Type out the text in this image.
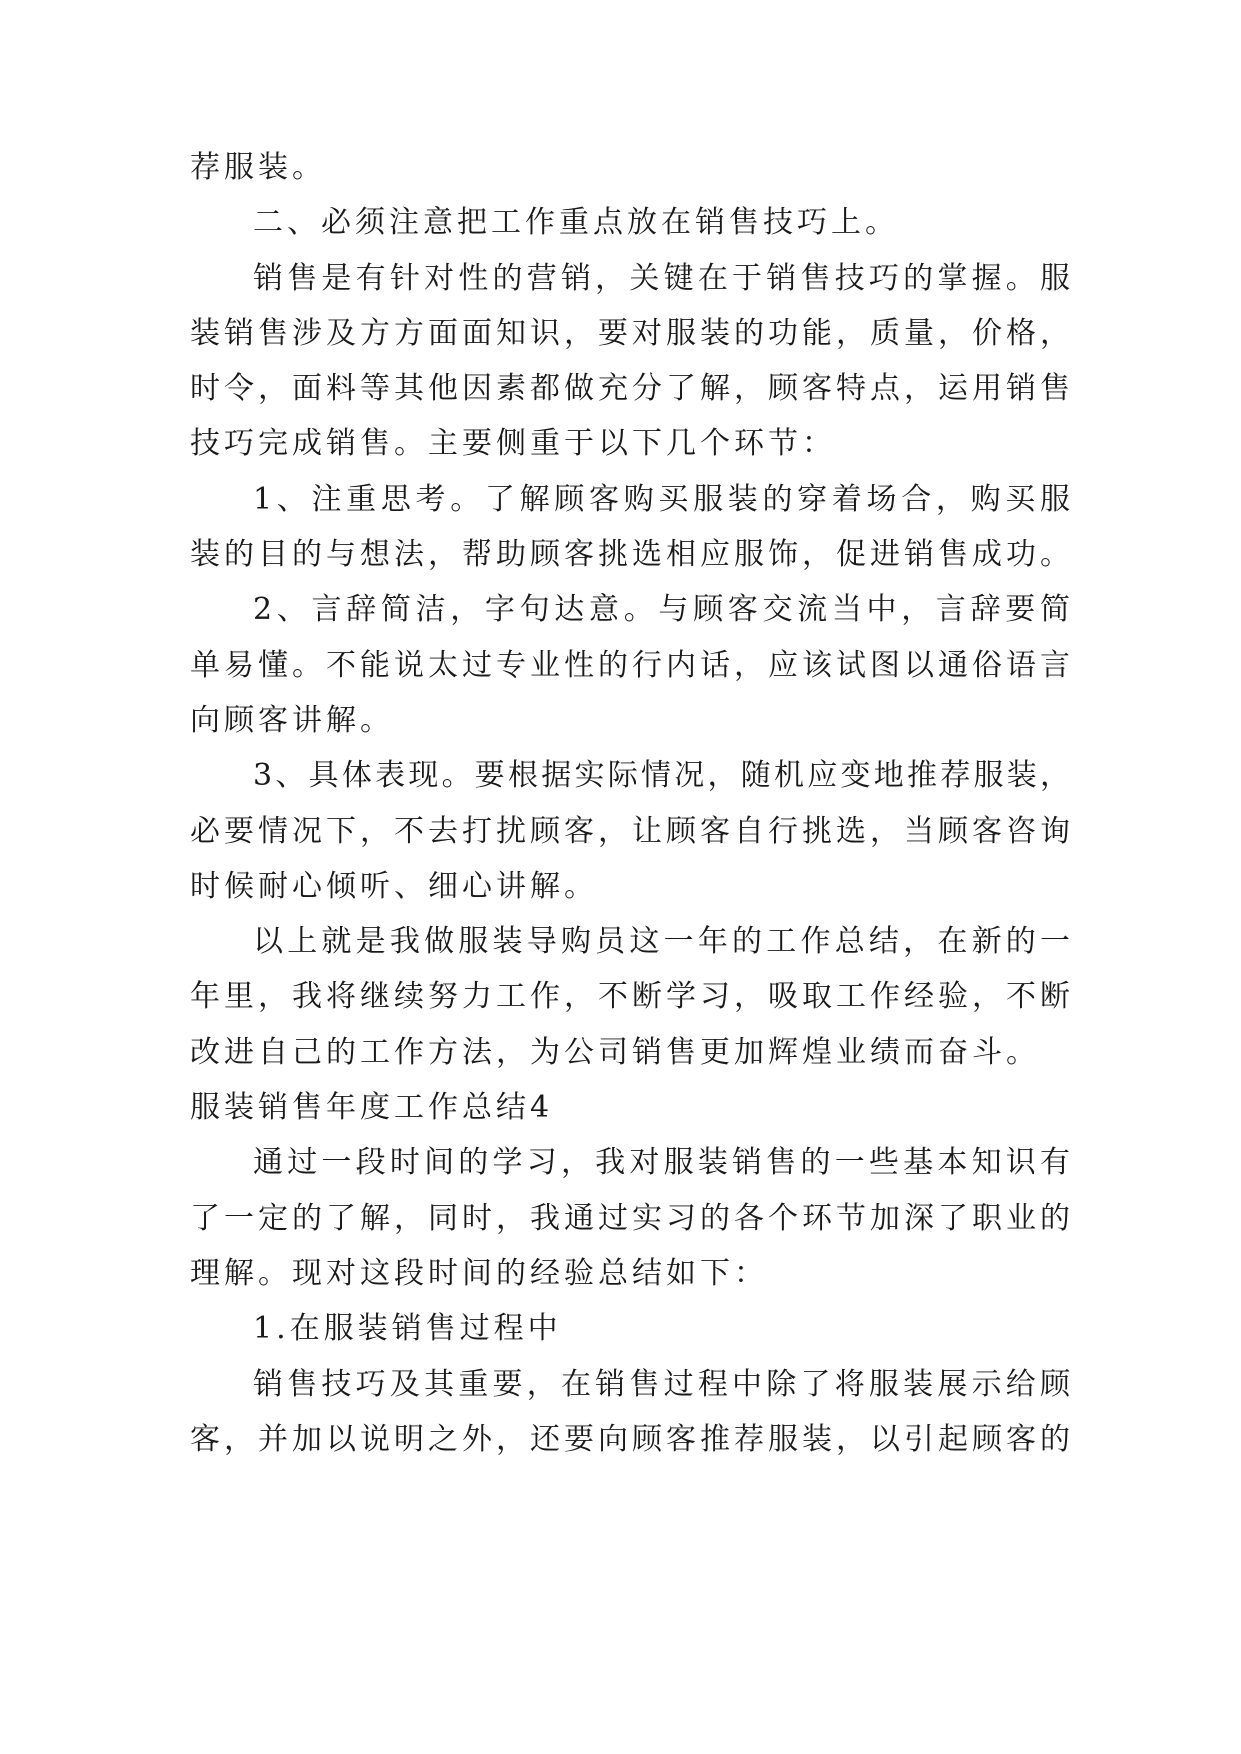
荐服装。

二、必须注意把工作重点放在销售技巧上。

销售是有针对性的营销，关键在于销售技巧的掌握。服

装销售涉及方方面面知识，要对服装的功能，质量，价格，

时令，面料等其他因素都做充分了解，顾客特点，运用销售

技巧完成销售。主要侧重于以下几个环节：

1、注重思考。了解顾客购买服装的穿着场合，购买服

装的目的与想法，帮助顾客挑选相应服饰，促进销售成功。

2、言辞简洁，字句达意。与顾客交流当中，言辞要简

单易懂。不能说太过专业性的行内话，应该试图以通俗语言

向顾客讲解。

3、具体表现。要根据实际情况，随机应变地推荐服装，

必要情况下，不去打扰顾客，让顾客自行挑选，当顾客咨询

时候耐心倾听、细心讲解。

以上就是我做服装导购员这一年的工作总结，在新的一

年里，我将继续努力工作，不断学习，吸取工作经验，不断

改进自己的工作方法，为公司销售更加辉煌业绩而奋斗。

服装销售年度工作总结4

通过一段时间的学习，我对服装销售的一些基本知识有

了一定的了解，同时，我通过实习的各个环节加深了职业的

理解。现对这段时间的经验总结如下：

1.在服装销售过程中

销售技巧及其重要，在销售过程中除了将服装展示给顾

客，并加以说明之外，还要向顾客推荐服装，以引起顾客的
